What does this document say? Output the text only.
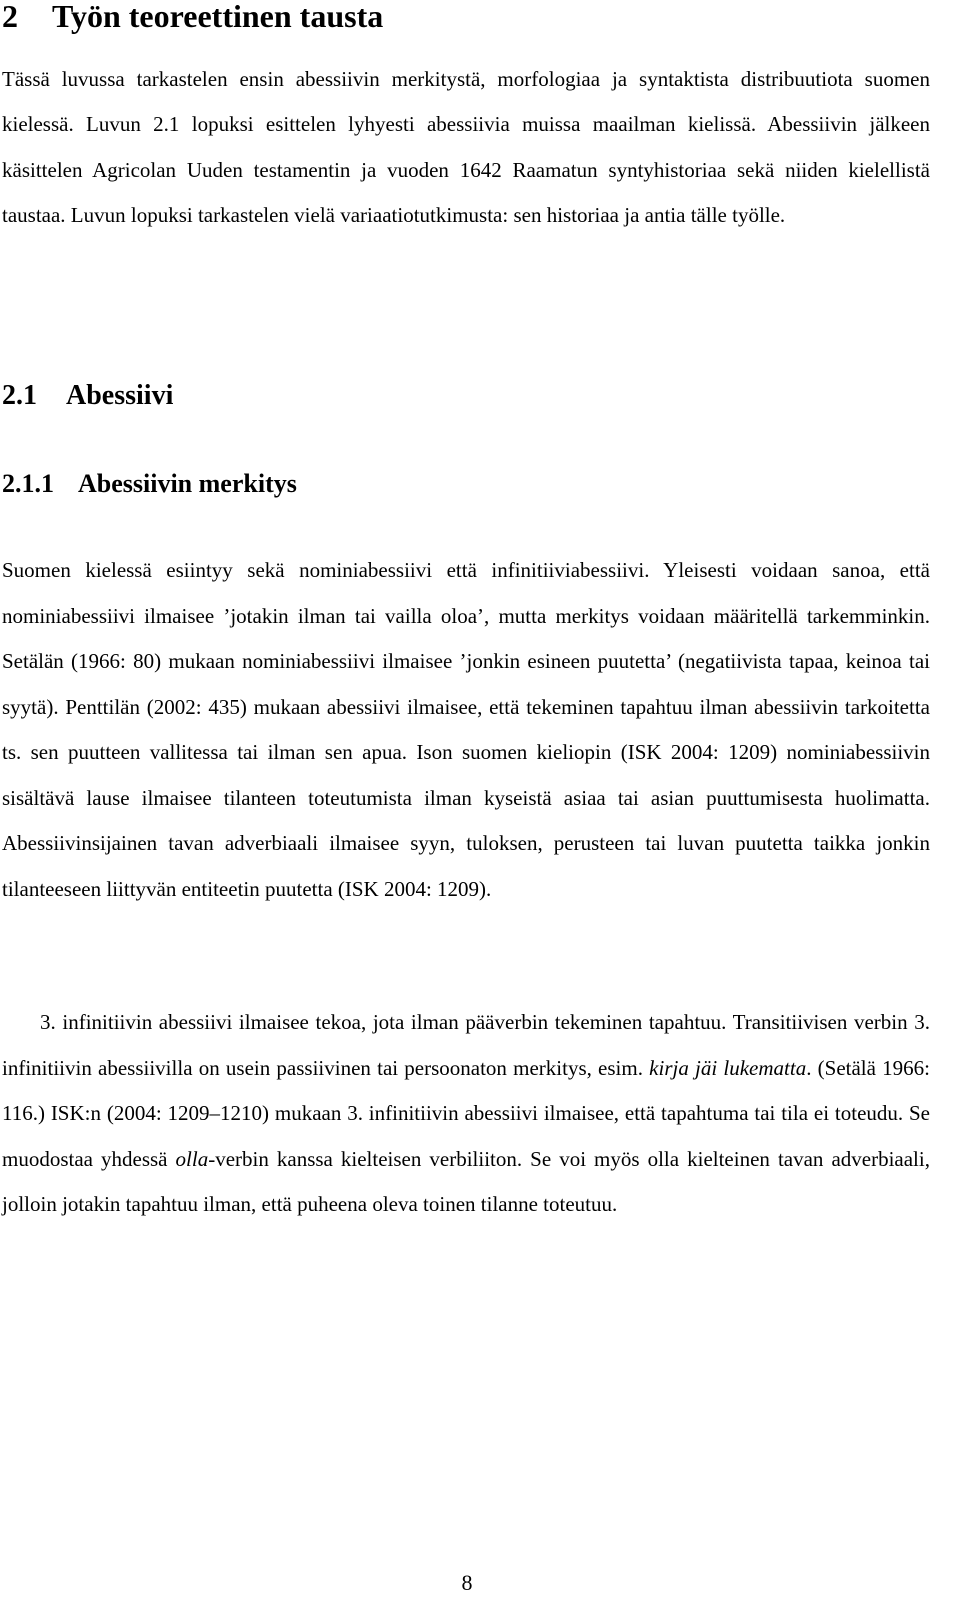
2 Työn teoreettinen tausta

Tässä luvussa tarkastelen ensin abessiivin merkitystä, morfologiaa ja syntaktista distribuutiota suomen kielessä. Luvun 2.1 lopuksi esittelen lyhyesti abessiivia muissa maailman kielissä. Abessiivin jälkeen käsittelen Agricolan Uuden testamentin ja vuoden 1642 Raamatun syntyhistoriaa sekä niiden kielellistä taustaa. Luvun lopuksi tarkastelen vielä variaatiotutkimusta: sen historiaa ja antia tälle työlle.

2.1 Abessiivi
2.1.1 Abessiivin merkitys

Suomen kielessä esiintyy sekä nominiabessiivi että infinitiiviabessiivi. Yleisesti voidaan sanoa, että nominiabessiivi ilmaisee ’jotakin ilman tai vailla oloa’, mutta merkitys voidaan määritellä tarkemminkin. Setälän (1966: 80) mukaan nominiabessiivi ilmaisee ’jonkin esineen puutetta’ (negatiivista tapaa, keinoa tai syytä). Penttilän (2002: 435) mukaan abessiivi ilmaisee, että tekeminen tapahtuu ilman abessiivin tarkoitetta ts. sen puutteen vallitessa tai ilman sen apua. Ison suomen kieliopin (ISK 2004: 1209) nominiabessiivin sisältävä lause ilmaisee tilanteen toteutumista ilman kyseistä asiaa tai asian puuttumisesta huolimatta. Abessiivinsijainen tavan adverbiaali ilmaisee syyn, tuloksen, perusteen tai luvan puutetta taikka jonkin tilanteeseen liittyvän entiteetin puutetta (ISK 2004: 1209).

3. infinitiivin abessiivi ilmaisee tekoa, jota ilman pääverbin tekeminen tapahtuu. Transitiivisen verbin 3. infinitiivin abessiivilla on usein passiivinen tai persoonaton merkitys, esim. kirja jäi lukematta. (Setälä 1966: 116.) ISK:n (2004: 1209–1210) mukaan 3. infinitiivin abessiivi ilmaisee, että tapahtuma tai tila ei toteudu. Se muodostaa yhdessä olla-verbin kanssa kielteisen verbiliiton. Se voi myös olla kielteinen tavan adverbiaali, jolloin jotakin tapahtuu ilman, että puheena oleva toinen tilanne toteutuu.

8
